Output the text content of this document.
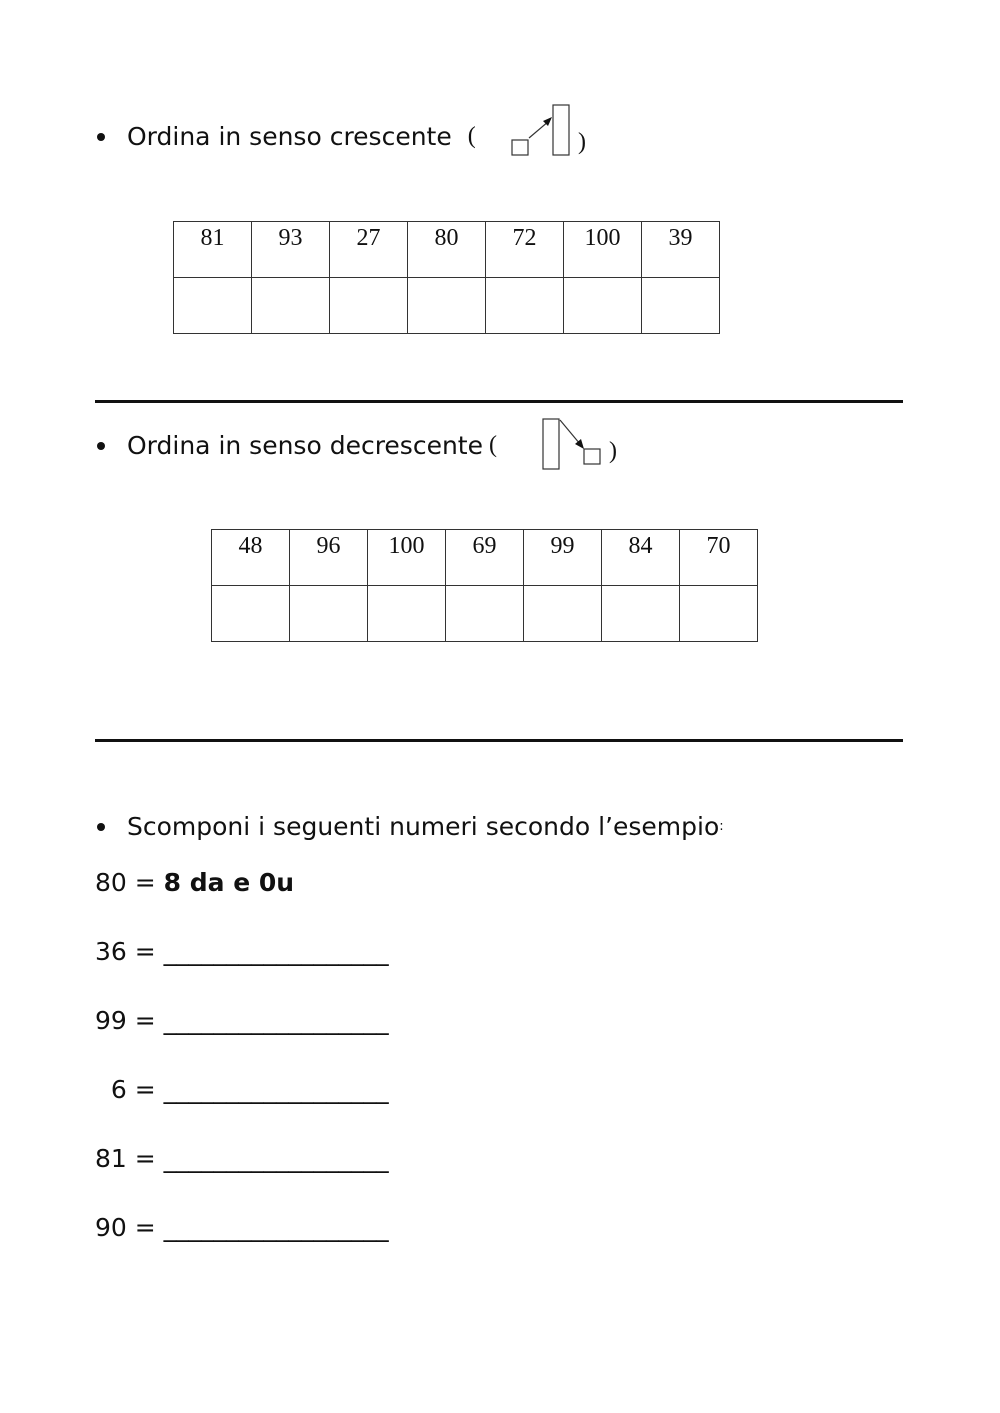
Ordina in senso crescente (	)
81	93	27	80	72	100	39

Ordina in senso decrescente (	)
48	96	100	69	99	84	70

Scomponi i seguenti numeri secondo l’esempio :
80 = 8 da e 0u
36 = __________________
99 = __________________
6 = __________________
81 = __________________
90 = __________________
